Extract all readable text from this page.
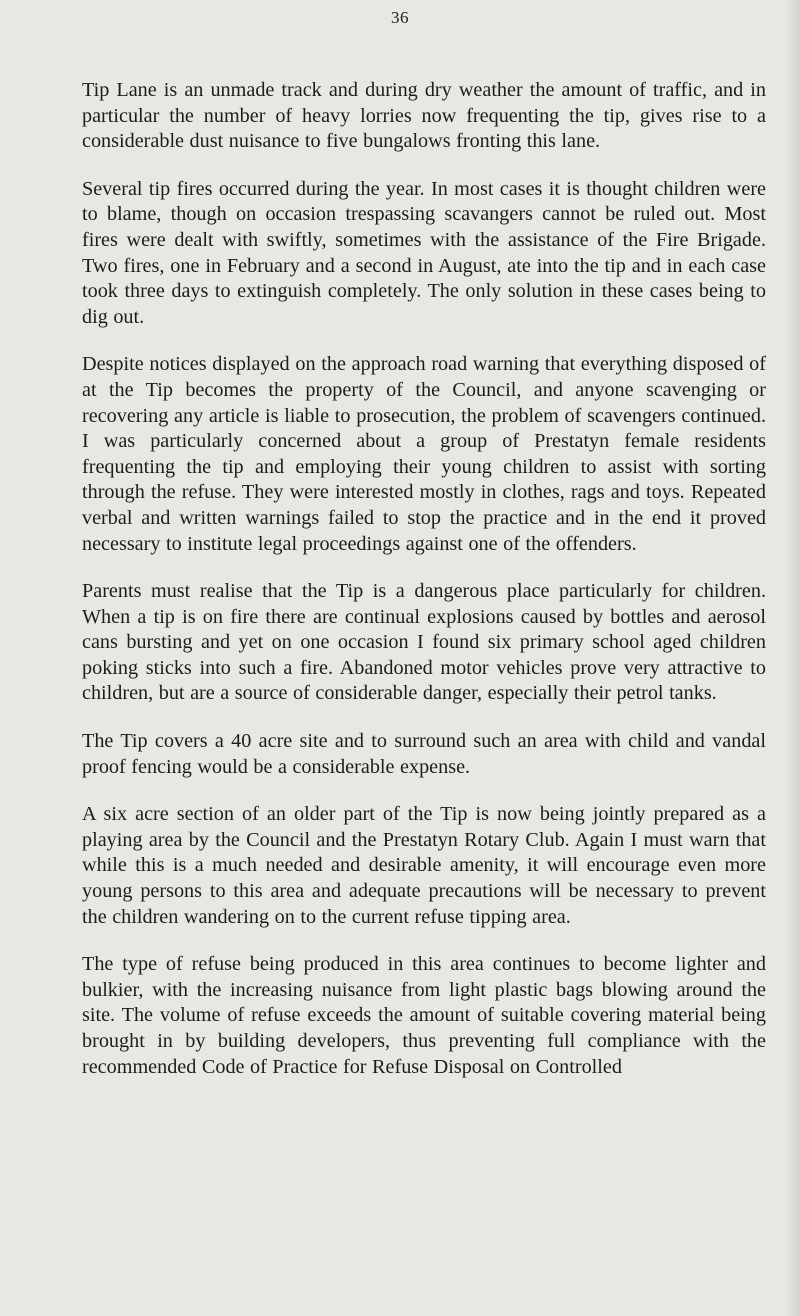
36

Tip Lane is an unmade track and during dry weather the amount of traffic, and in particular the number of heavy lorries now frequenting the tip, gives rise to a considerable dust nuisance to five bungalows fronting this lane.

Several tip fires occurred during the year. In most cases it is thought children were to blame, though on occasion trespassing scavangers cannot be ruled out. Most fires were dealt with swiftly, sometimes with the assistance of the Fire Brigade. Two fires, one in February and a second in August, ate into the tip and in each case took three days to extinguish completely. The only solution in these cases being to dig out.

Despite notices displayed on the approach road warning that everything disposed of at the Tip becomes the property of the Council, and anyone scavenging or recovering any article is liable to prosecution, the problem of scavengers continued. I was particularly concerned about a group of Prestatyn female residents frequenting the tip and employing their young children to assist with sorting through the refuse. They were interested mostly in clothes, rags and toys. Repeated verbal and written warnings failed to stop the practice and in the end it proved necessary to institute legal proceedings against one of the offenders.

Parents must realise that the Tip is a dangerous place particularly for children. When a tip is on fire there are continual explosions caused by bottles and aerosol cans bursting and yet on one occasion I found six primary school aged children poking sticks into such a fire. Abandoned motor vehicles prove very attractive to children, but are a source of considerable danger, especially their petrol tanks.

The Tip covers a 40 acre site and to surround such an area with child and vandal proof fencing would be a considerable expense.

A six acre section of an older part of the Tip is now being jointly prepared as a playing area by the Council and the Prestatyn Rotary Club. Again I must warn that while this is a much needed and desirable amenity, it will encourage even more young persons to this area and adequate precautions will be necessary to prevent the children wandering on to the current refuse tipping area.

The type of refuse being produced in this area continues to become lighter and bulkier, with the increasing nuisance from light plastic bags blowing around the site. The volume of refuse exceeds the amount of suitable covering material being brought in by building developers, thus preventing full compliance with the recommended Code of Practice for Refuse Disposal on Controlled
